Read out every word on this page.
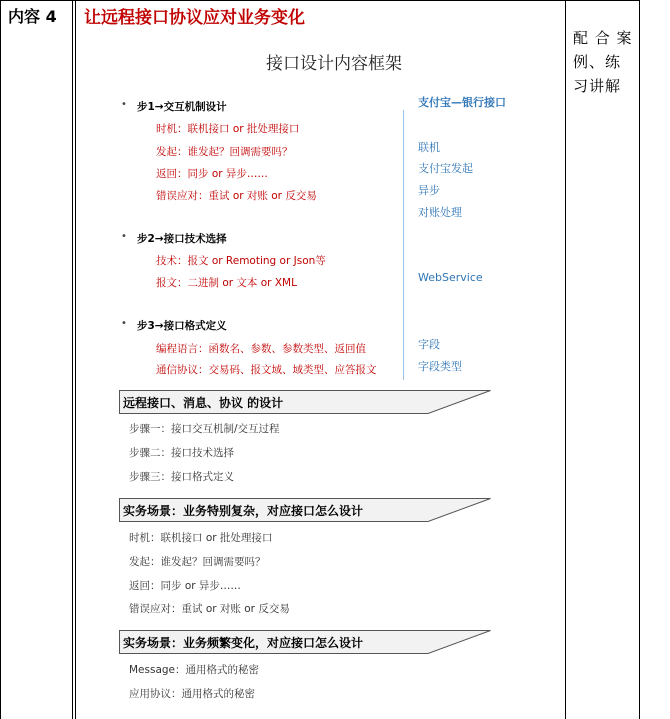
内容 4 让远程接口协议应对业务变化
配 合 案 例、练习讲解
接口设计内容框架
• 步1→交互机制设计
时机：联机接口 or 批处理接口
发起：谁发起？回调需要吗？
返回：同步 or 异步……
错误应对：重试 or 对账 or 反交易
• 步2→接口技术选择
技术：报文 or Remoting or Json等
报文：二进制 or 文本 or XML
• 步3→接口格式定义
编程语言：函数名、参数、参数类型、返回值
通信协议：交易码、报文域、域类型、应答报文
支付宝—银行接口
联机
支付宝发起
异步
对账处理
WebService
字段
字段类型
远程接口、消息、协议 的设计
步骤一：接口交互机制/交互过程
步骤二：接口技术选择
步骤三：接口格式定义
实务场景：业务特别复杂，对应接口怎么设计
时机：联机接口 or 批处理接口
发起：谁发起？回调需要吗？
返回：同步 or 异步……
错误应对：重试 or 对账 or 反交易
实务场景：业务频繁变化，对应接口怎么设计
Message：通用格式的秘密
应用协议：通用格式的秘密
